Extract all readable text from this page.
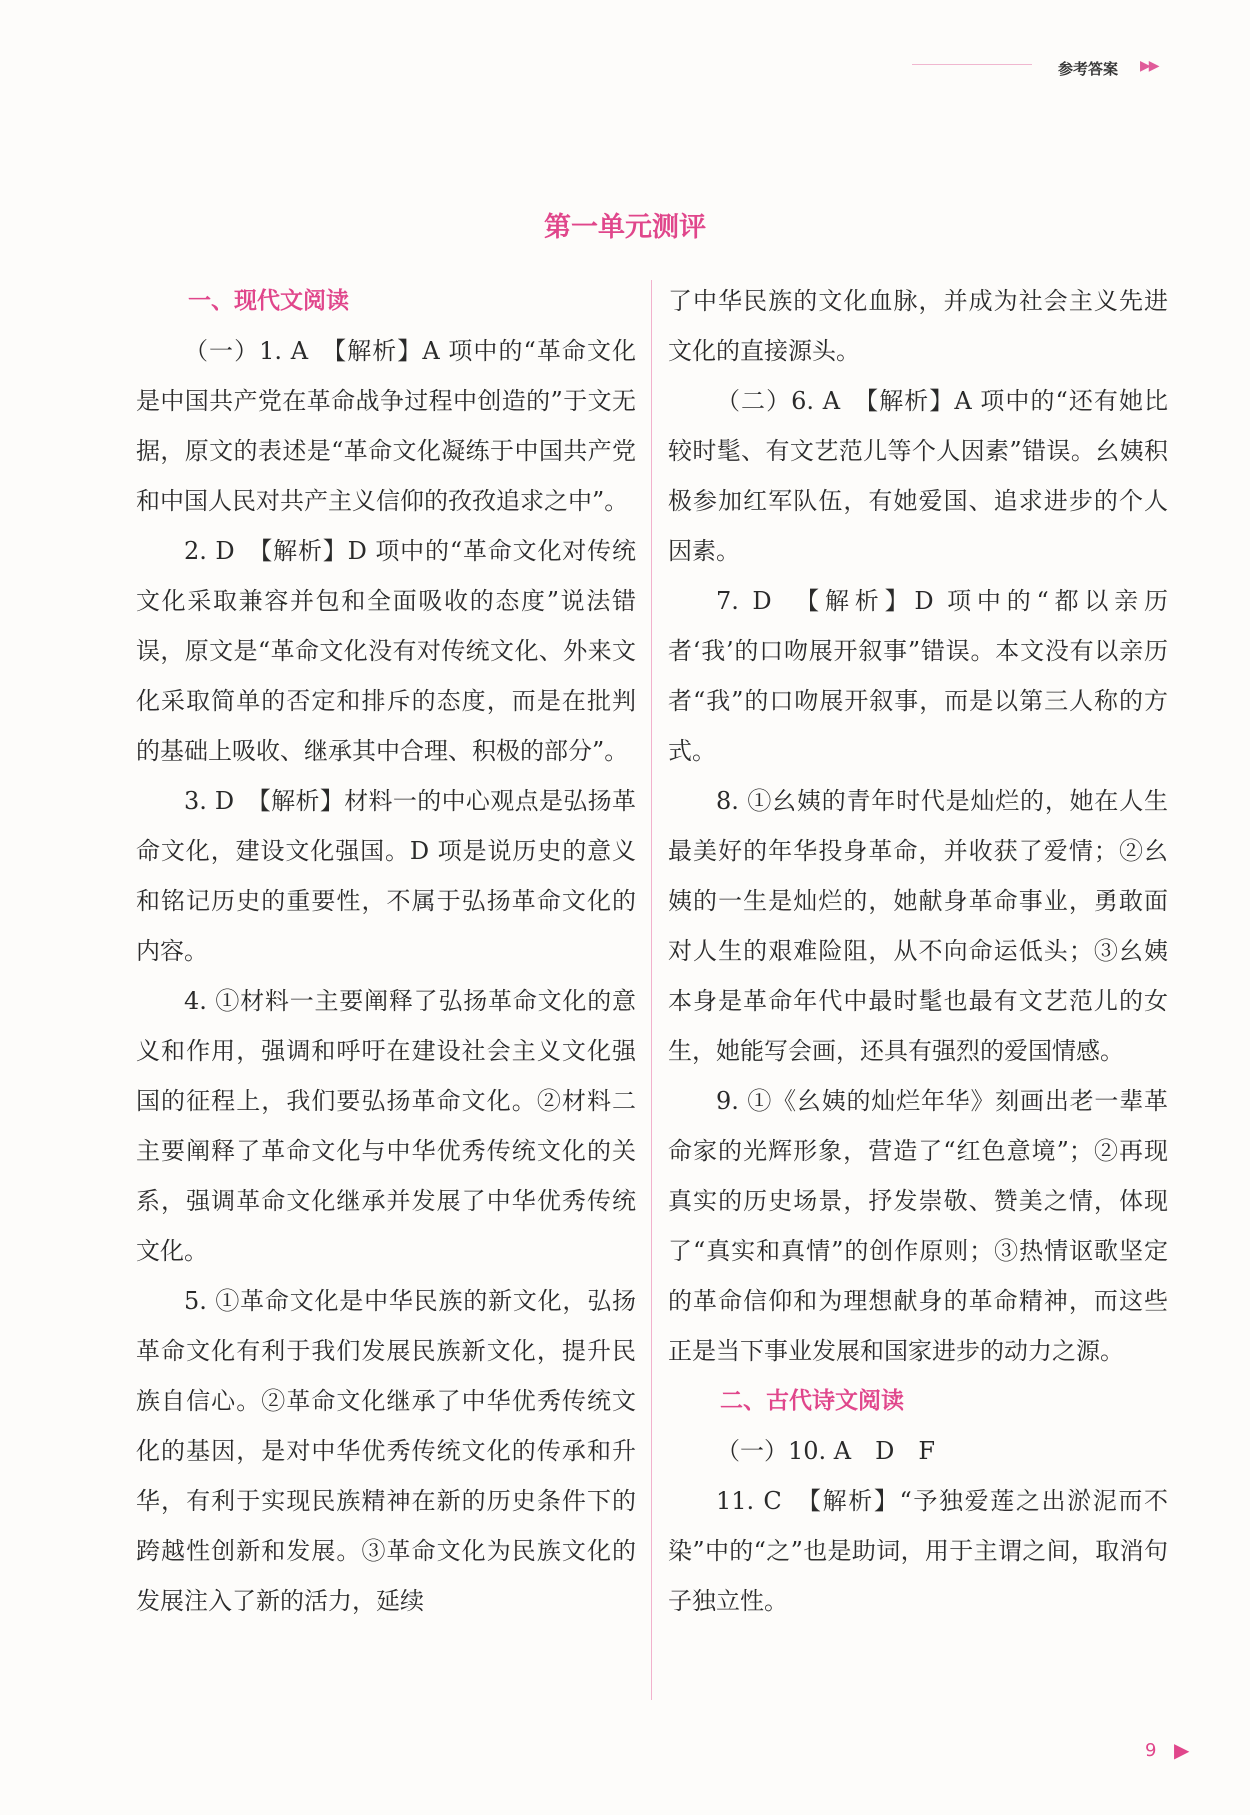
参考答案 ▶▶
第一单元测评
一、现代文阅读

（一）1. A　【解析】A 项中的“革命文化是中国共产党在革命战争过程中创造的”于文无据，原文的表述是“革命文化凝练于中国共产党和中国人民对共产主义信仰的孜孜追求之中”。

2. D　【解析】D 项中的“革命文化对传统文化采取兼容并包和全面吸收的态度”说法错误，原文是“革命文化没有对传统文化、外来文化采取简单的否定和排斥的态度，而是在批判的基础上吸收、继承其中合理、积极的部分”。

3. D　【解析】材料一的中心观点是弘扬革命文化，建设文化强国。D 项是说历史的意义和铭记历史的重要性，不属于弘扬革命文化的内容。

4. ①材料一主要阐释了弘扬革命文化的意义和作用，强调和呼吁在建设社会主义文化强国的征程上，我们要弘扬革命文化。②材料二主要阐释了革命文化与中华优秀传统文化的关系，强调革命文化继承并发展了中华优秀传统文化。

5. ①革命文化是中华民族的新文化，弘扬革命文化有利于我们发展民族新文化，提升民族自信心。②革命文化继承了中华优秀传统文化的基因，是对中华优秀传统文化的传承和升华，有利于实现民族精神在新的历史条件下的跨越性创新和发展。③革命文化为民族文化的发展注入了新的活力，延续

了中华民族的文化血脉，并成为社会主义先进文化的直接源头。

（二）6. A　【解析】A 项中的“还有她比较时髦、有文艺范儿等个人因素”错误。幺姨积极参加红军队伍，有她爱国、追求进步的个人因素。

7. D　【解析】D 项中的“都以亲历者‘我’的口吻展开叙事”错误。本文没有以亲历者“我”的口吻展开叙事，而是以第三人称的方式。

8. ①幺姨的青年时代是灿烂的，她在人生最美好的年华投身革命，并收获了爱情；②幺姨的一生是灿烂的，她献身革命事业，勇敢面对人生的艰难险阻，从不向命运低头；③幺姨本身是革命年代中最时髦也最有文艺范儿的女生，她能写会画，还具有强烈的爱国情感。

9. ①《幺姨的灿烂年华》刻画出老一辈革命家的光辉形象，营造了“红色意境”；②再现真实的历史场景，抒发崇敬、赞美之情，体现了“真实和真情”的创作原则；③热情讴歌坚定的革命信仰和为理想献身的革命精神，而这些正是当下事业发展和国家进步的动力之源。

二、古代诗文阅读

（一）10. A　D　F

11. C　【解析】“予独爱莲之出淤泥而不染”中的“之”也是助词，用于主谓之间，取消句子独立性。

9 ▶
